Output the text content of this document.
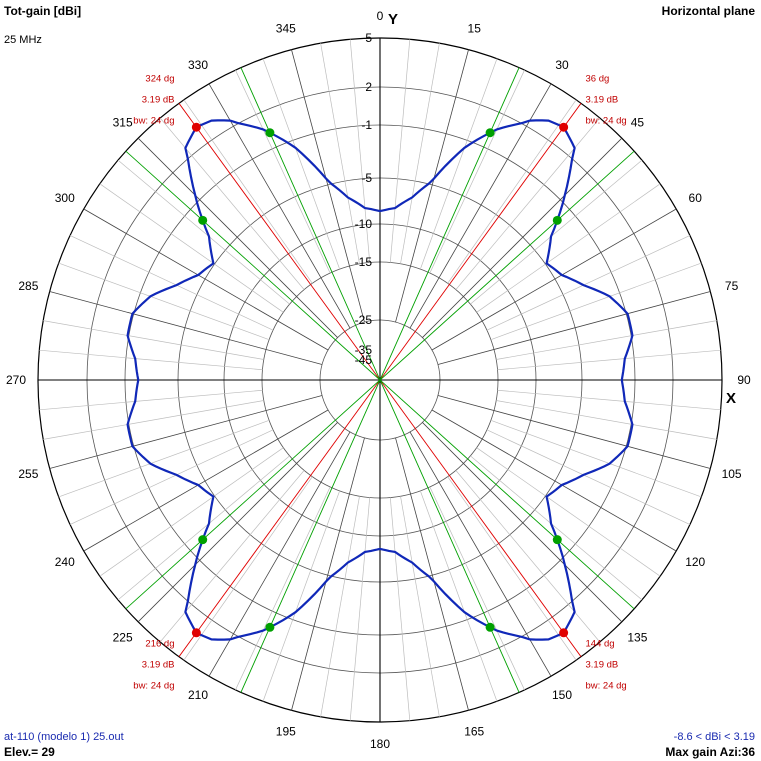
0
15
30
45
60
75
90
105
120
135
150
165
180
195
210
225
240
255
270
285
300
315
330
345
5
2
-1
-5
-10
-15
-25
-35
-45
36 dg
3.19 dB
bw: 24 dg
144 dg
3.19 dB
bw: 24 dg
216 dg
3.19 dB
bw: 24 dg
324 dg
3.19 dB
bw: 24 dg
Y
X
Tot-gain [dBi]
25 MHz
Horizontal plane
at-110 (modelo 1) 25.out
Elev.= 29
-8.6 < dBi < 3.19
Max gain Azi:36
